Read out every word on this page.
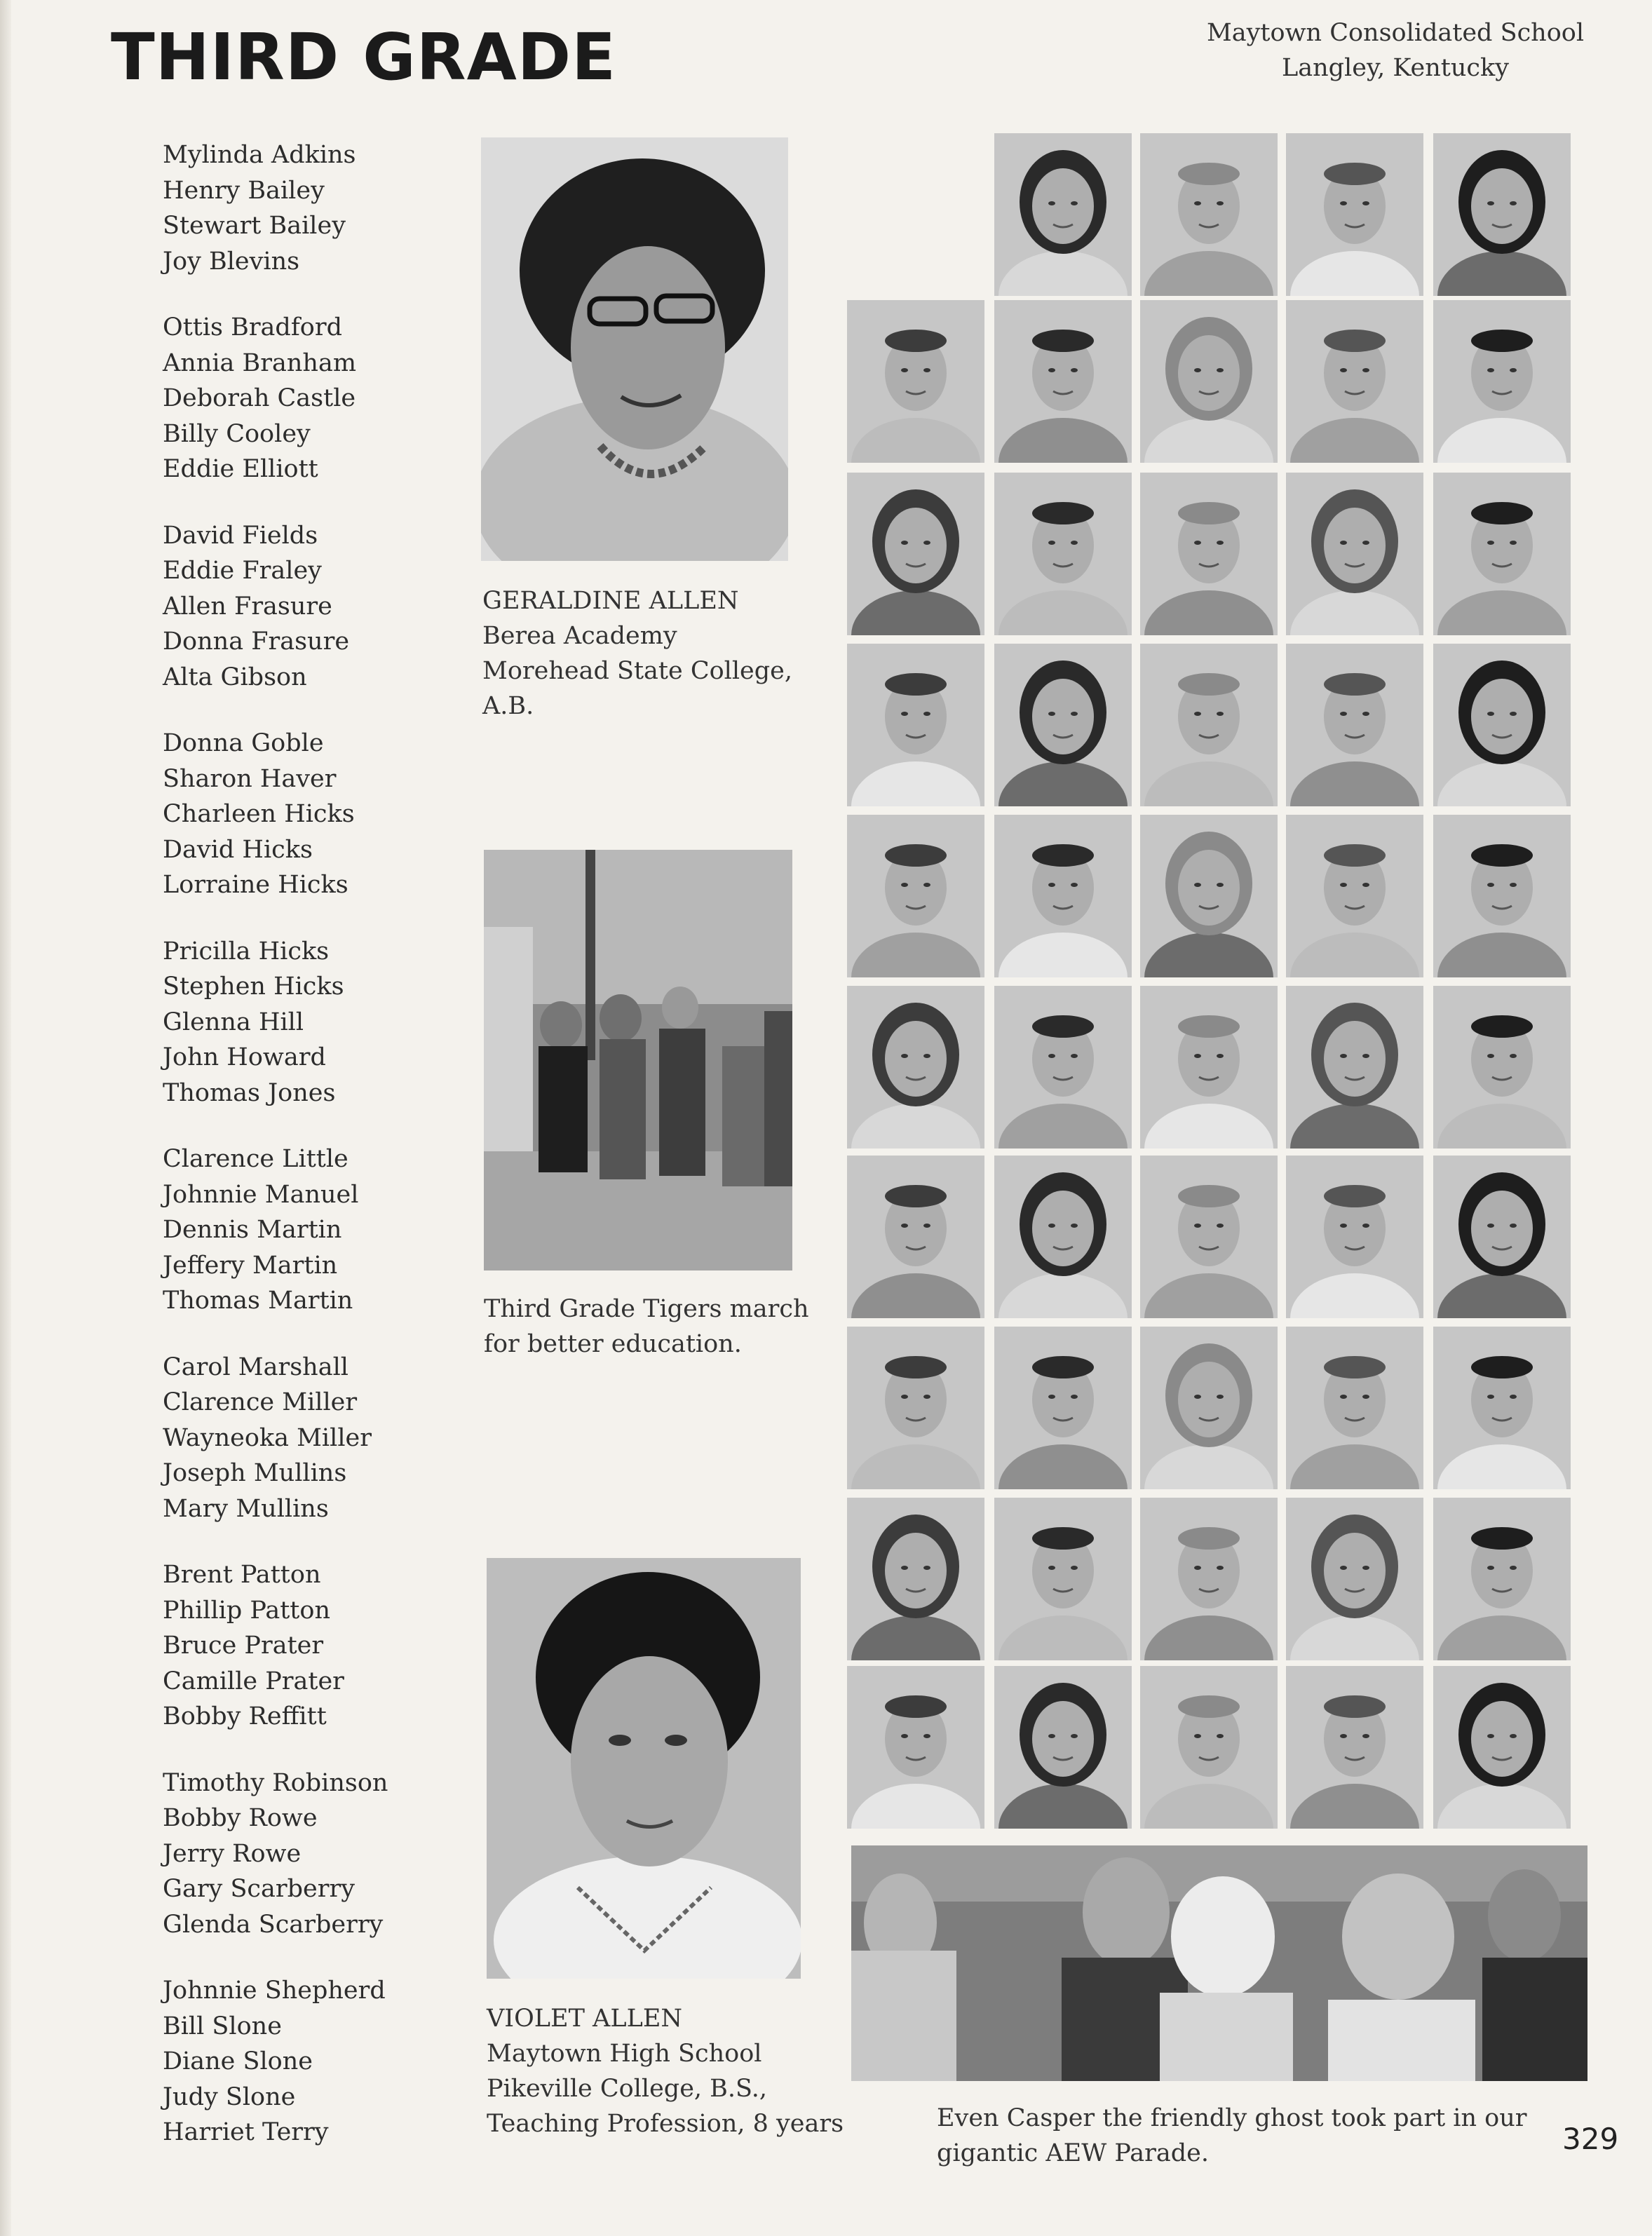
THIRD GRADE	Maytown Consolidated School
Langley, Kentucky
Mylinda Adkins
Henry Bailey
Stewart Bailey
Joy Blevins
Ottis Bradford
Annia Branham
Deborah Castle
Billy Cooley
Eddie Elliott
David Fields
Eddie Fraley
Allen Frasure
Donna Frasure
Alta Gibson
Donna Goble
Sharon Haver
Charleen Hicks
David Hicks
Lorraine Hicks
Pricilla Hicks
Stephen Hicks
Glenna Hill
John Howard
Thomas Jones
Clarence Little
Johnnie Manuel
Dennis Martin
Jeffery Martin
Thomas Martin
Carol Marshall
Clarence Miller
Wayneoka Miller
Joseph Mullins
Mary Mullins
Brent Patton
Phillip Patton
Bruce Prater
Camille Prater
Bobby Reffitt
Timothy Robinson
Bobby Rowe
Jerry Rowe
Gary Scarberry
Glenda Scarberry
Johnnie Shepherd
Bill Slone
Diane Slone
Judy Slone
Harriet Terry
GERALDINE ALLEN
Berea Academy
Morehead State College,
A.B.
Third Grade Tigers march
for better education.
VIOLET ALLEN
Maytown High School
Pikeville College, B.S.,
Teaching Profession, 8 years	Even Casper the friendly ghost took part in our
gigantic AEW Parade.	329
